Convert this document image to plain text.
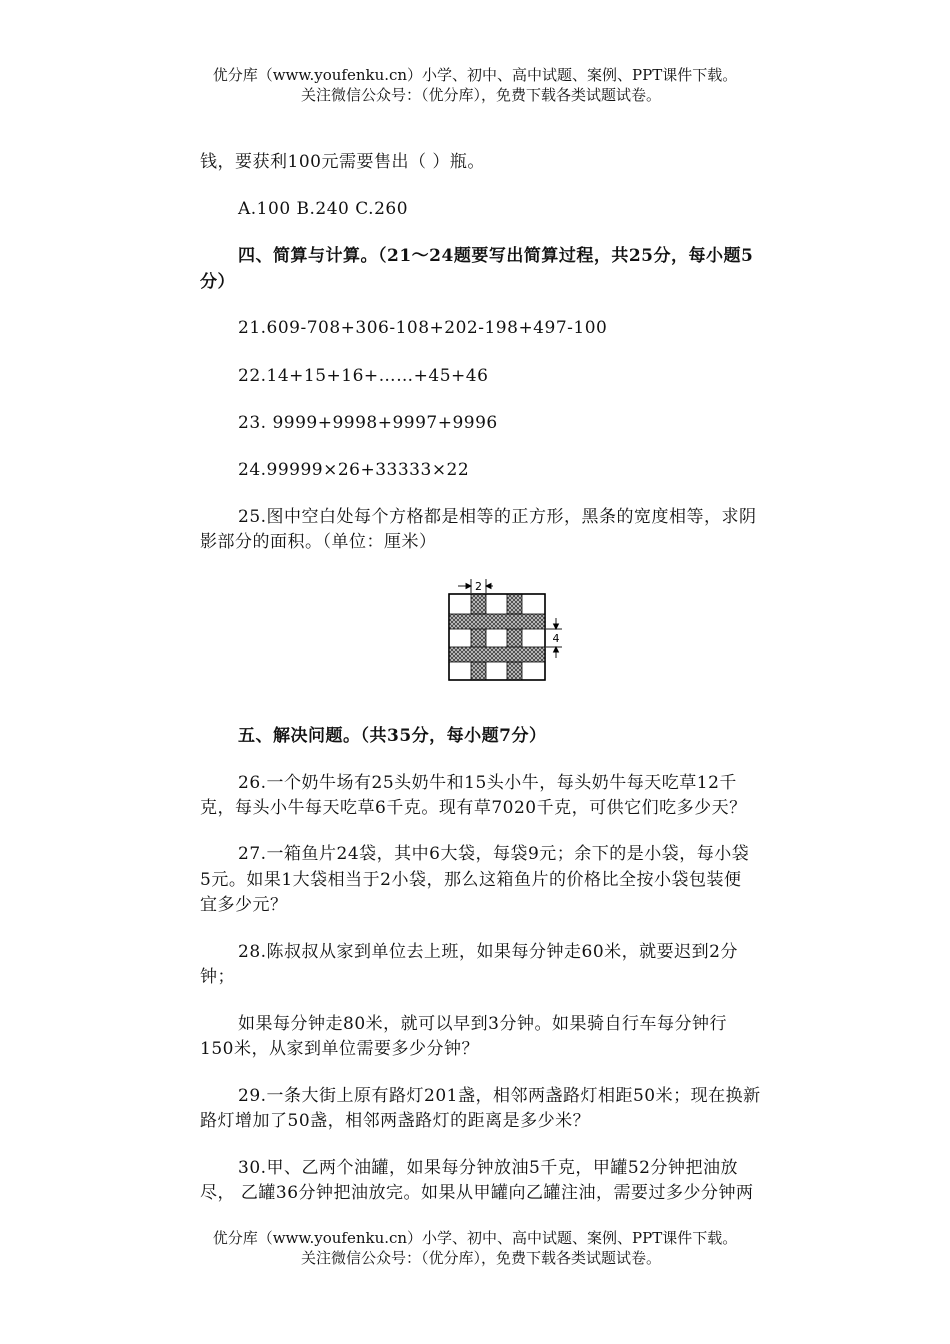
优分库（www.youfenku.cn）小学、初中、高中试题、案例、PPT课件下载。
关注微信公众号：（优分库），免费下载各类试题试卷。
钱，要获利100元需要售出（ ）瓶。
A.100 B.240 C.260
四、简算与计算。（21～24题要写出简算过程，共25分，每小题5
分）
21.609-708+306-108+202-198+497-100
22.14+15+16+……+45+46
23. 9999+9998+9997+9996
24.99999×26+33333×22
25.图中空白处每个方格都是相等的正方形，黑条的宽度相等，求阴
影部分的面积。（单位：厘米）
2
4
五、解决问题。（共35分，每小题7分）
26.一个奶牛场有25头奶牛和15头小牛，每头奶牛每天吃草12千
克，每头小牛每天吃草6千克。现有草7020千克，可供它们吃多少天？
27.一箱鱼片24袋，其中6大袋，每袋9元；余下的是小袋，每小袋
5元。如果1大袋相当于2小袋，那么这箱鱼片的价格比全按小袋包装便
宜多少元？
28.陈叔叔从家到单位去上班，如果每分钟走60米，就要迟到2分
钟；
如果每分钟走80米，就可以早到3分钟。如果骑自行车每分钟行
150米，从家到单位需要多少分钟？
29.一条大街上原有路灯201盏，相邻两盏路灯相距50米；现在换新
路灯增加了50盏，相邻两盏路灯的距离是多少米？
30.甲、乙两个油罐，如果每分钟放油5千克，甲罐52分钟把油放
尽， 乙罐36分钟把油放完。如果从甲罐向乙罐注油，需要过多少分钟两
优分库（www.youfenku.cn）小学、初中、高中试题、案例、PPT课件下载。
关注微信公众号：（优分库），免费下载各类试题试卷。
